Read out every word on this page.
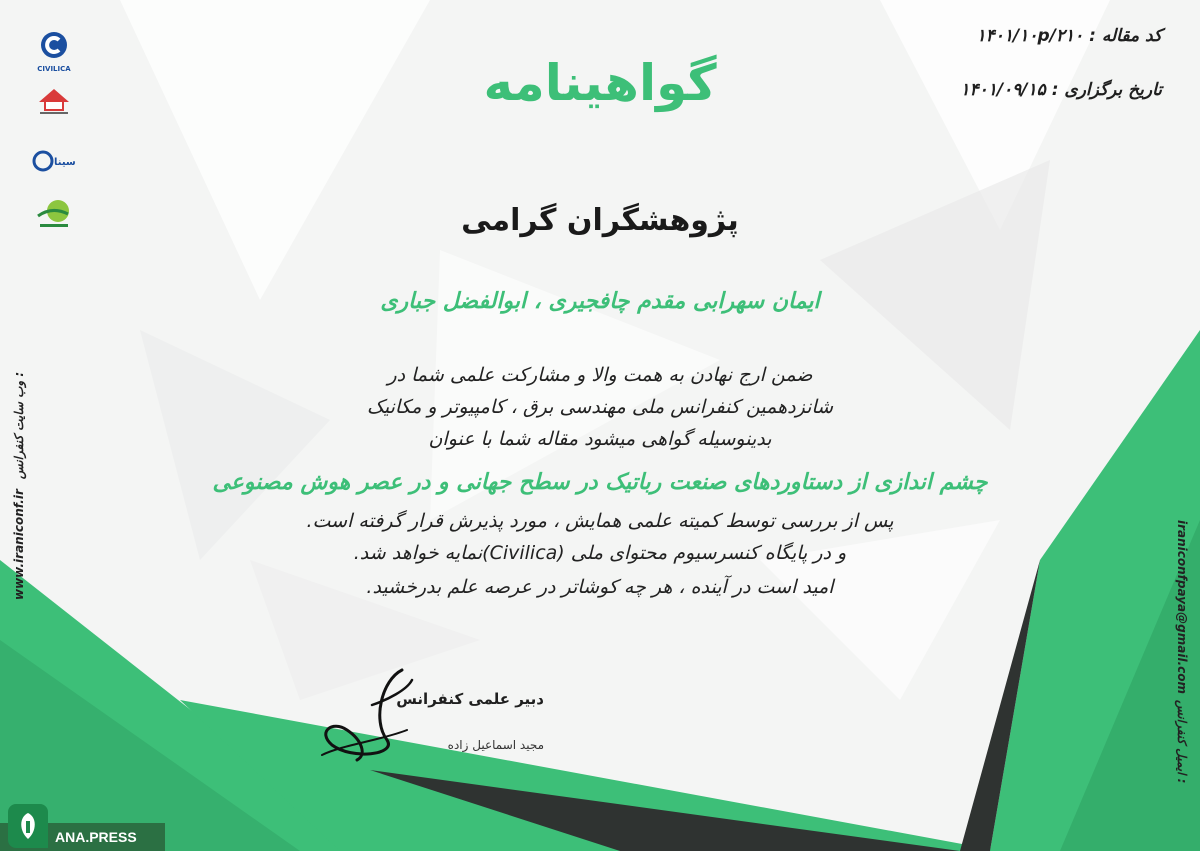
CIVILICA
سینا
کد مقاله : ۱۴۰۱/۱۰p/۲۱۰
تاریخ برگزاری : ۱۴۰۱/۰۹/۱۵
گواهینامه
پژوهشگران گرامی
ایمان سهرابی مقدم چافجیری ، ابوالفضل جباری
ضمن ارج نهادن به همت والا و مشارکت علمی شما در
شانزدهمین کنفرانس ملی مهندسی برق ، کامپیوتر و مکانیک
بدینوسیله گواهی میشود مقاله شما با عنوان
چشم اندازی از دستاوردهای صنعت رباتیک در سطح جهانی و در عصر هوش مصنوعی
پس از بررسی توسط کمیته علمی همایش ، مورد پذیرش قرار گرفته است.
و در پایگاه کنسرسیوم محتوای ملی (Civilica)نمایه خواهد شد.
امید است در آینده ، هر چه کوشاتر در عرصه علم بدرخشید.
دبیر علمی کنفرانس
مجید اسماعیل زاده
www.iraniconf.ir
وب سایت کنفرانس :
iraniconfpaya@gmail.com
ایمیل کنفرانس :
ANA.PRESS
